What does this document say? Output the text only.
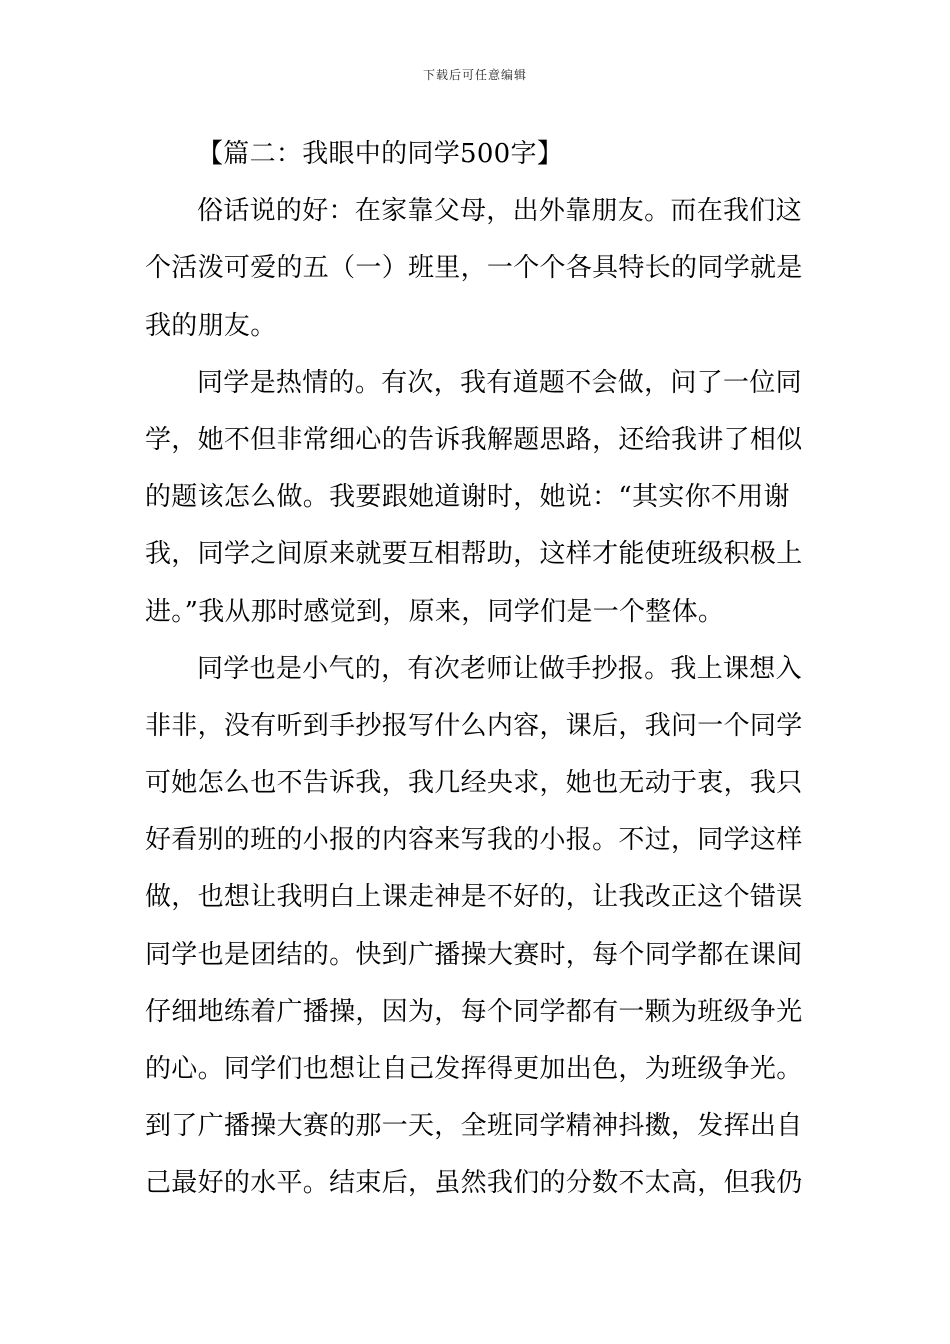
下载后可任意编辑
【篇二：我眼中的同学500字】
俗话说的好：在家靠父母，出外靠朋友。而在我们这
个活泼可爱的五（一）班里，一个个各具特长的同学就是
我的朋友。
同学是热情的。有次，我有道题不会做，问了一位同
学，她不但非常细心的告诉我解题思路，还给我讲了相似
的题该怎么做。我要跟她道谢时，她说：“其实你不用谢
我，同学之间原来就要互相帮助，这样才能使班级积极上
进。”我从那时感觉到，原来，同学们是一个整体。
同学也是小气的，有次老师让做手抄报。我上课想入
非非，没有听到手抄报写什么内容，课后，我问一个同学
可她怎么也不告诉我，我几经央求，她也无动于衷，我只
好看别的班的小报的内容来写我的小报。不过，同学这样
做，也想让我明白上课走神是不好的，让我改正这个错误
同学也是团结的。快到广播操大赛时，每个同学都在课间
仔细地练着广播操，因为，每个同学都有一颗为班级争光
的心。同学们也想让自己发挥得更加出色，为班级争光。
到了广播操大赛的那一天，全班同学精神抖擞，发挥出自
己最好的水平。结束后，虽然我们的分数不太高，但我仍
